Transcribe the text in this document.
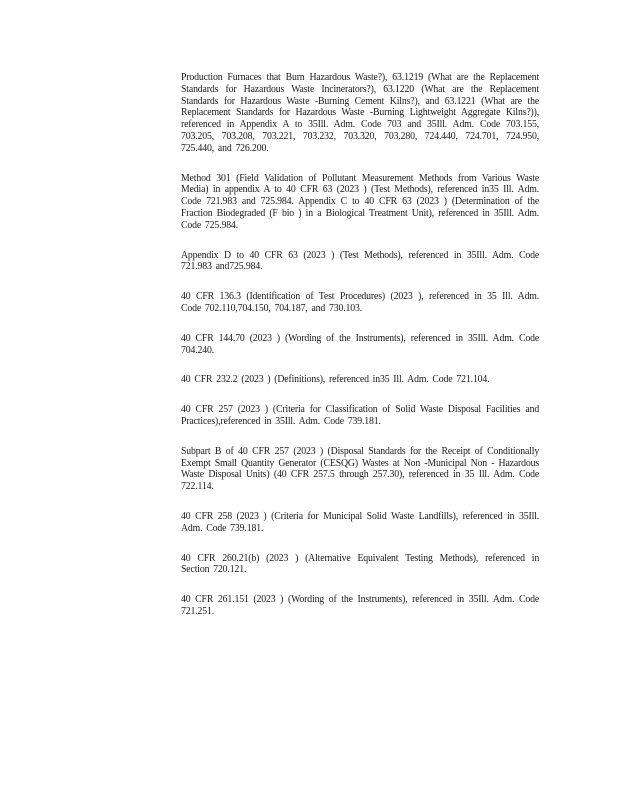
Production Furnaces that Burn Hazardous Waste?), 63.1219 (What are the Replacement Standards for Hazardous Waste Incinerators?), 63.1220 (What are the Replacement Standards for Hazardous Waste -Burning Cement Kilns?), and 63.1221 (What are the Replacement Standards for Hazardous Waste -Burning Lightweight Aggregate Kilns?)), referenced in Appendix A to 35Ill. Adm. Code 703 and 35Ill. Adm. Code 703.155, 703.205, 703.208, 703.221, 703.232, 703.320, 703.280, 724.440, 724.701, 724.950, 725.440, and 726.200.

Method 301 (Field Validation of Pollutant Measurement Methods from Various Waste Media) in appendix A to 40 CFR 63 (2023 ) (Test Methods), referenced in35 Ill. Adm. Code 721.983 and 725.984. Appendix C to 40 CFR 63 (2023 ) (Determination of the Fraction Biodegraded (F bio ) in a Biological Treatment Unit), referenced in 35Ill. Adm. Code 725.984.

Appendix D to 40 CFR 63 (2023 ) (Test Methods), referenced in 35Ill. Adm. Code 721.983 and725.984.

40 CFR 136.3 (Identification of Test Procedures) (2023 ), referenced in 35 Ill. Adm. Code 702.110,704.150, 704.187, and 730.103.

40 CFR 144.70 (2023 ) (Wording of the Instruments), referenced in 35Ill. Adm. Code 704.240.

40 CFR 232.2 (2023 ) (Definitions), referenced in35 Ill. Adm. Code 721.104.

40 CFR 257 (2023 ) (Criteria for Classification of Solid Waste Disposal Facilities and Practices),referenced in 35Ill. Adm. Code 739.181.

Subpart B of 40 CFR 257 (2023 ) (Disposal Standards for the Receipt of Conditionally Exempt Small Quantity Generator (CESQG) Wastes at Non -Municipal Non - Hazardous Waste Disposal Units) (40 CFR 257.5 through 257.30), referenced in 35 Ill. Adm. Code 722.114.

40 CFR 258 (2023 ) (Criteria for Municipal Solid Waste Landfills), referenced in 35Ill. Adm. Code 739.181.

40 CFR 260.21(b) (2023 ) (Alternative Equivalent Testing Methods), referenced in Section 720.121.

40 CFR 261.151 (2023 ) (Wording of the Instruments), referenced in 35Ill. Adm. Code 721.251.
